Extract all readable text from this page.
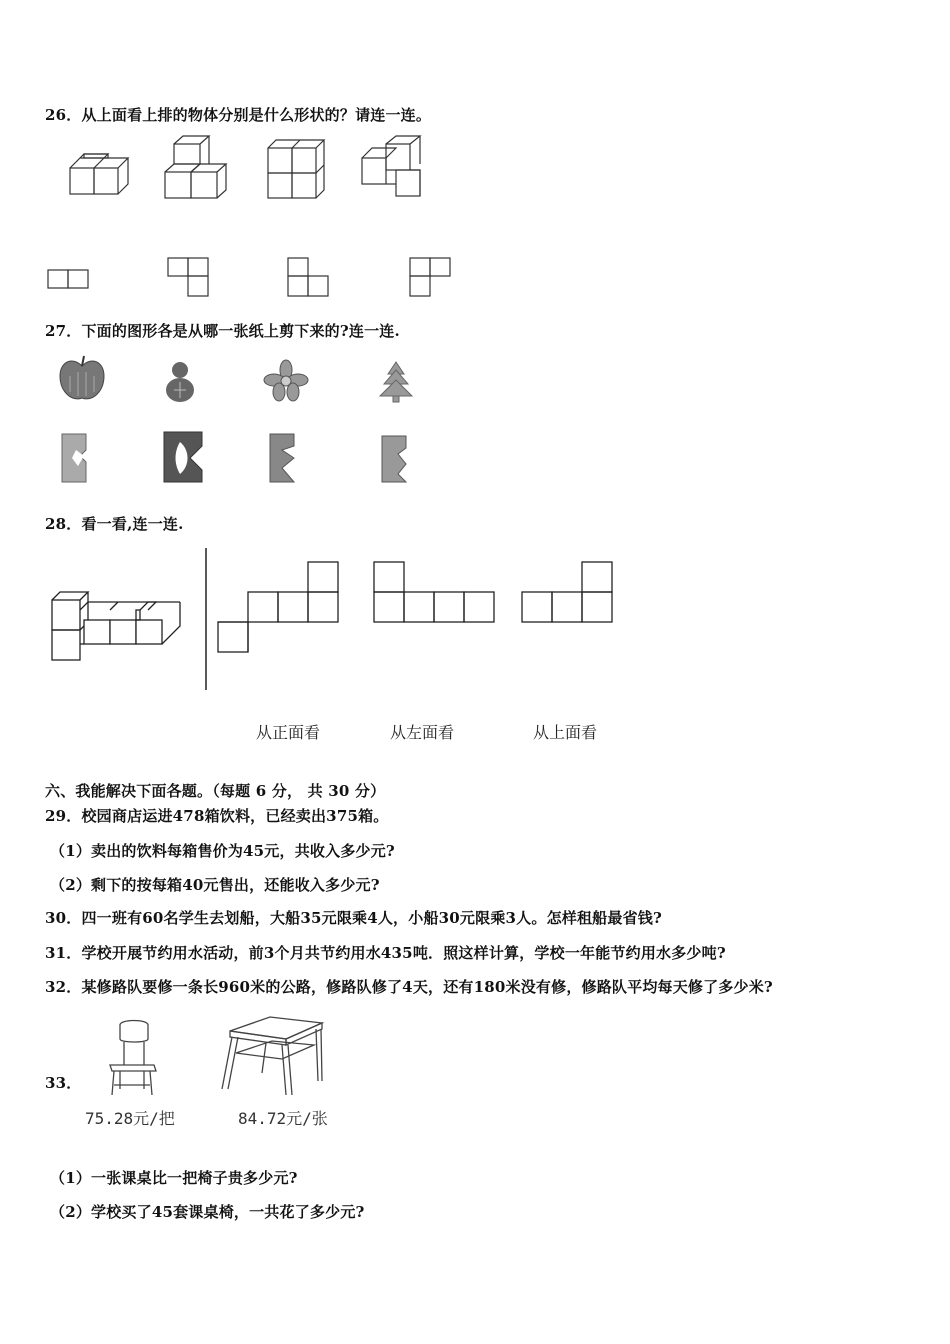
26．从上面看上排的物体分别是什么形状的？请连一连。
27．下面的图形各是从哪一张纸上剪下来的?连一连.
28．看一看,连一连.
从正面看	从左面看	从上面看
六、我能解决下面各题。（每题 6 分， 共 30 分）
29．校园商店运进478箱饮料，已经卖出375箱。
（1）卖出的饮料每箱售价为45元，共收入多少元?
（2）剩下的按每箱40元售出，还能收入多少元?
30．四一班有60名学生去划船，大船35元限乘4人，小船30元限乘3人。怎样租船最省钱?
31．学校开展节约用水活动，前3个月共节约用水435吨．照这样计算，学校一年能节约用水多少吨?
32．某修路队要修一条长960米的公路，修路队修了4天，还有180米没有修，修路队平均每天修了多少米?
33．
75.28元/把	84.72元/张
（1）一张课桌比一把椅子贵多少元?
（2）学校买了45套课桌椅，一共花了多少元?
